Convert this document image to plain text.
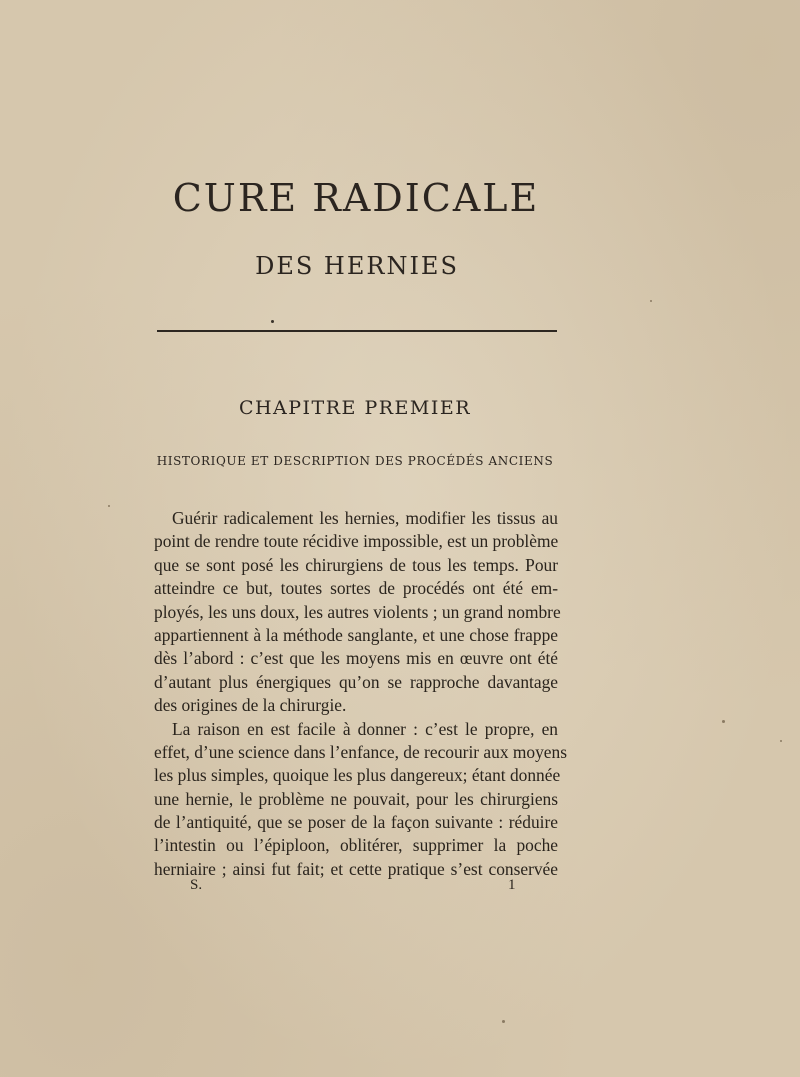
CURE RADICALE
DES HERNIES
CHAPITRE PREMIER
HISTORIQUE ET DESCRIPTION DES PROCÉDÉS ANCIENS
Guérir radicalement les hernies, modifier les tissus au
point de rendre toute récidive impossible, est un problème
que se sont posé les chirurgiens de tous les temps. Pour
atteindre ce but, toutes sortes de procédés ont été em-
ployés, les uns doux, les autres violents ; un grand nombre
appartiennent à la méthode sanglante, et une chose frappe
dès l’abord : c’est que les moyens mis en œuvre ont été
d’autant plus énergiques qu’on se rapproche davantage
des origines de la chirurgie.
La raison en est facile à donner : c’est le propre, en
effet, d’une science dans l’enfance, de recourir aux moyens
les plus simples, quoique les plus dangereux; étant donnée
une hernie, le problème ne pouvait, pour les chirurgiens
de l’antiquité, que se poser de la façon suivante : réduire
l’intestin ou l’épiploon, oblitérer, supprimer la poche
herniaire ; ainsi fut fait; et cette pratique s’est conservée
S.	1
